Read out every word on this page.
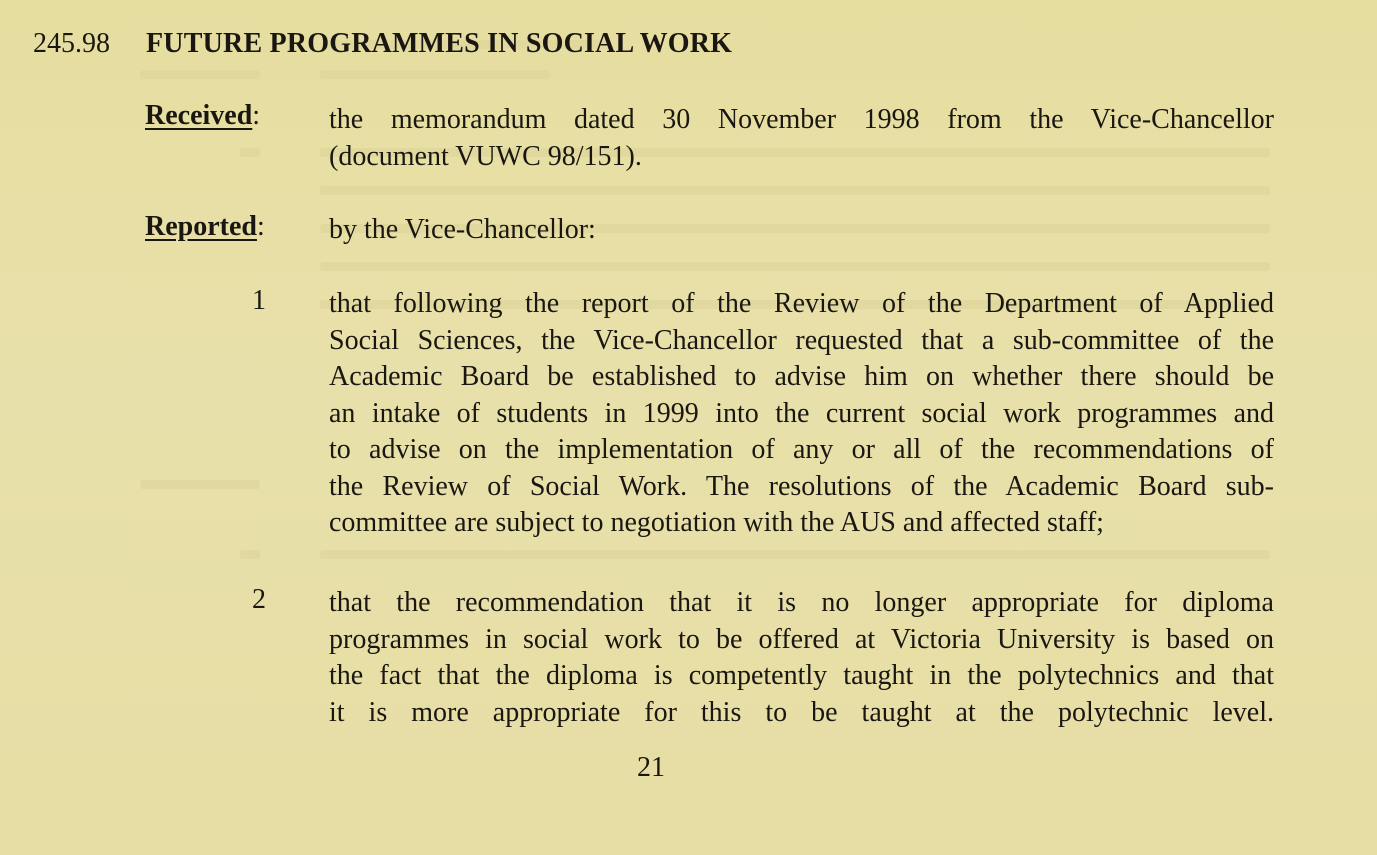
245.98 FUTURE PROGRAMMES IN SOCIAL WORK
Received: the memorandum dated 30 November 1998 from the Vice-Chancellor
(document VUWC 98/151).
Reported: by the Vice-Chancellor:
1 that following the report of the Review of the Department of Applied
Social Sciences, the Vice-Chancellor requested that a sub-committee of the
Academic Board be established to advise him on whether there should be
an intake of students in 1999 into the current social work programmes and
to advise on the implementation of any or all of the recommendations of
the Review of Social Work. The resolutions of the Academic Board sub-
committee are subject to negotiation with the AUS and affected staff;
2 that the recommendation that it is no longer appropriate for diploma
programmes in social work to be offered at Victoria University is based on
the fact that the diploma is competently taught in the polytechnics and that
it is more appropriate for this to be taught at the polytechnic level.
21
